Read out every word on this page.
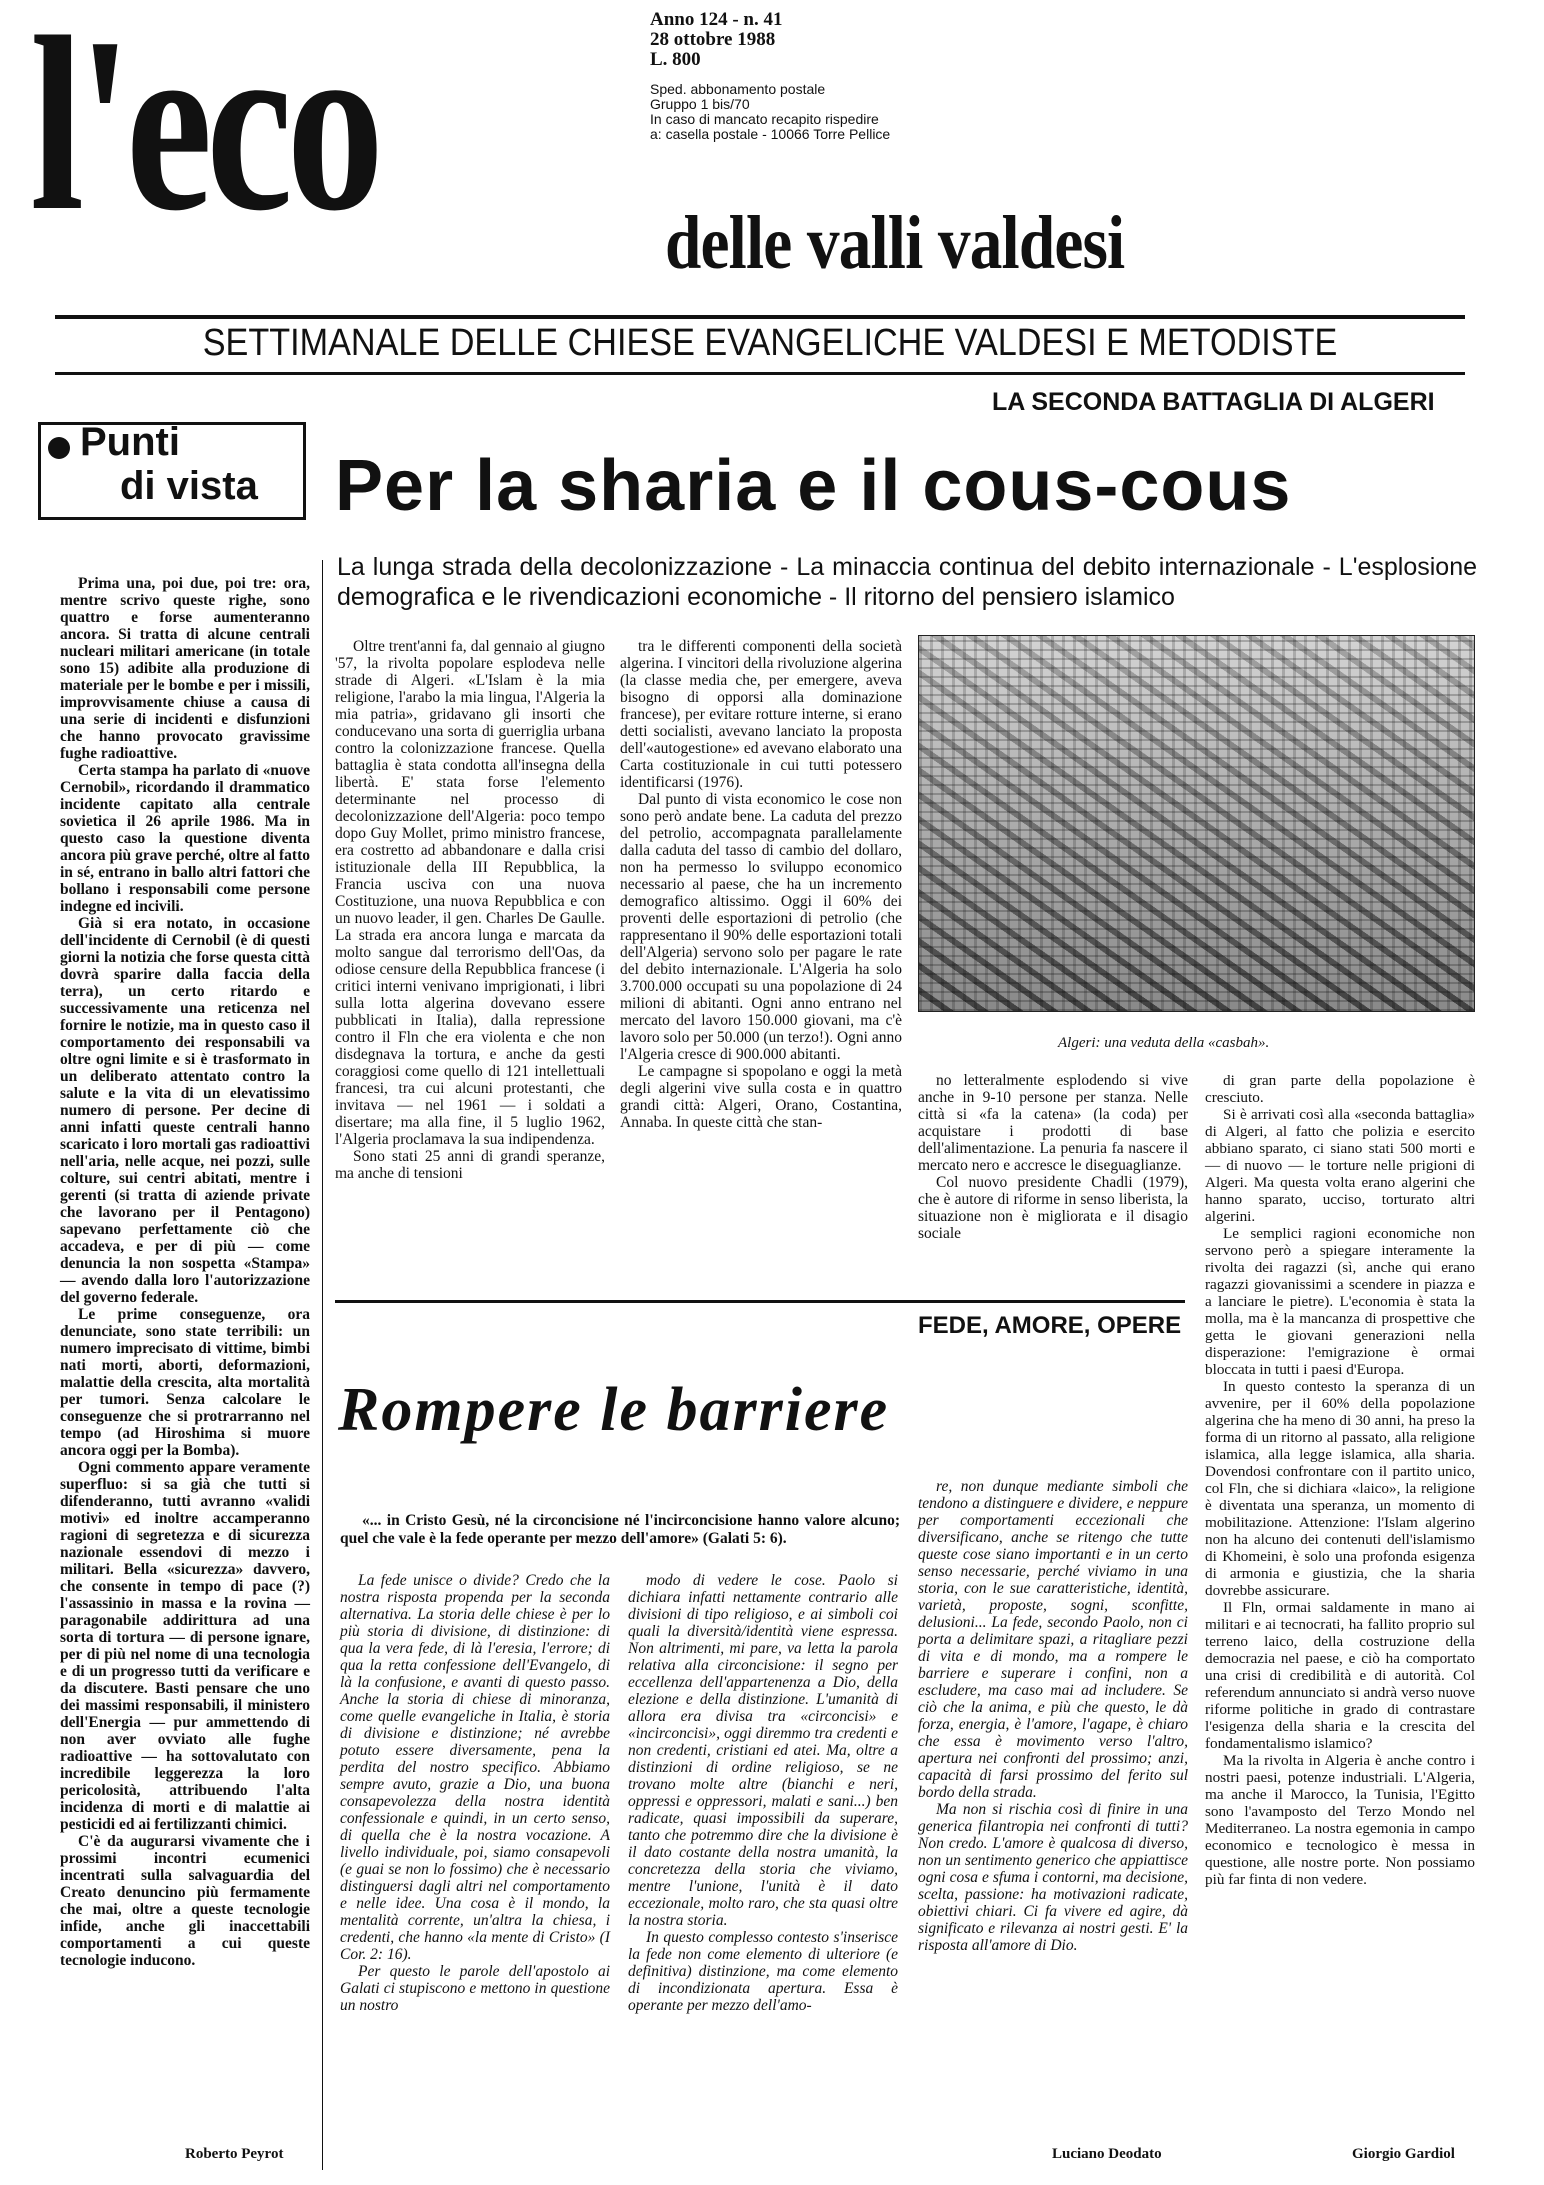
l'eco	Anno 124 - n. 41
28 ottobre 1988
L. 800
Sped. abbonamento postale
Gruppo 1 bis/70
In caso di mancato recapito rispedire
a: casella postale - 10066 Torre Pellice
delle valli valdesi
SETTIMANALE DELLE CHIESE EVANGELICHE VALDESI E METODISTE
Punti
di vista
LA SECONDA BATTAGLIA DI ALGERI
Per la sharia e il cous-cous
La lunga strada della decolonizzazione - La minaccia continua del debito internazionale - L'esplosione demografica e le rivendicazioni economiche - Il ritorno del pensiero islamico

Prima una, poi due, poi tre: ora, mentre scrivo queste righe, sono quattro e forse aumenteranno ancora. Si tratta di alcune centrali nucleari militari americane (in totale sono 15) adibite alla produzione di materiale per le bombe e per i missili, improvvisamente chiuse a causa di una serie di incidenti e disfunzioni che hanno provocato gravissime fughe radioattive.

Certa stampa ha parlato di «nuove Cernobil», ricordando il drammatico incidente capitato alla centrale sovietica il 26 aprile 1986. Ma in questo caso la questione diventa ancora più grave perché, oltre al fatto in sé, entrano in ballo altri fattori che bollano i responsabili come persone indegne ed incivili.

Già si era notato, in occasione dell'incidente di Cernobil (è di questi giorni la notizia che forse questa città dovrà sparire dalla faccia della terra), un certo ritardo e successivamente una reticenza nel fornire le notizie, ma in questo caso il comportamento dei responsabili va oltre ogni limite e si è trasformato in un deliberato attentato contro la salute e la vita di un elevatissimo numero di persone. Per decine di anni infatti queste centrali hanno scaricato i loro mortali gas radioattivi nell'aria, nelle acque, nei pozzi, sulle colture, sui centri abitati, mentre i gerenti (si tratta di aziende private che lavorano per il Pentagono) sapevano perfettamente ciò che accadeva, e per di più — come denuncia la non sospetta «Stampa» — avendo dalla loro l'autorizzazione del governo federale.

Le prime conseguenze, ora denunciate, sono state terribili: un numero imprecisato di vittime, bimbi nati morti, aborti, deformazioni, malattie della crescita, alta mortalità per tumori. Senza calcolare le conseguenze che si protrarranno nel tempo (ad Hiroshima si muore ancora oggi per la Bomba).

Ogni commento appare veramente superfluo: si sa già che tutti si difenderanno, tutti avranno «validi motivi» ed inoltre accamperanno ragioni di segretezza e di sicurezza nazionale essendovi di mezzo i militari. Bella «sicurezza» davvero, che consente in tempo di pace (?) l'assassinio in massa e la rovina — paragonabile addirittura ad una sorta di tortura — di persone ignare, per di più nel nome di una tecnologia e di un progresso tutti da verificare e da discutere. Basti pensare che uno dei massimi responsabili, il ministero dell'Energia — pur ammettendo di non aver ovviato alle fughe radioattive — ha sottovalutato con incredibile leggerezza la loro pericolosità, attribuendo l'alta incidenza di morti e di malattie ai pesticidi ed ai fertilizzanti chimici.

C'è da augurarsi vivamente che i prossimi incontri ecumenici incentrati sulla salvaguardia del Creato denuncino più fermamente che mai, oltre a queste tecnologie infide, anche gli inaccettabili comportamenti a cui queste tecnologie inducono.

Roberto Peyrot

Oltre trent'anni fa, dal gennaio al giugno '57, la rivolta popolare esplodeva nelle strade di Algeri. «L'Islam è la mia religione, l'arabo la mia lingua, l'Algeria la mia patria», gridavano gli insorti che conducevano una sorta di guerriglia urbana contro la colonizzazione francese. Quella battaglia è stata condotta all'insegna della libertà. E' stata forse l'elemento determinante nel processo di decolonizzazione dell'Algeria: poco tempo dopo Guy Mollet, primo ministro francese, era costretto ad abbandonare e dalla crisi istituzionale della III Repubblica, la Francia usciva con una nuova Costituzione, una nuova Repubblica e con un nuovo leader, il gen. Charles De Gaulle. La strada era ancora lunga e marcata da molto sangue dal terrorismo dell'Oas, da odiose censure della Repubblica francese (i critici interni venivano imprigionati, i libri sulla lotta algerina dovevano essere pubblicati in Italia), dalla repressione contro il Fln che era violenta e che non disdegnava la tortura, e anche da gesti coraggiosi come quello di 121 intellettuali francesi, tra cui alcuni protestanti, che invitava — nel 1961 — i soldati a disertare; ma alla fine, il 5 luglio 1962, l'Algeria proclamava la sua indipendenza.

Sono stati 25 anni di grandi speranze, ma anche di tensioni

tra le differenti componenti della società algerina. I vincitori della rivoluzione algerina (la classe media che, per emergere, aveva bisogno di opporsi alla dominazione francese), per evitare rotture interne, si erano detti socialisti, avevano lanciato la proposta dell'«autogestione» ed avevano elaborato una Carta costituzionale in cui tutti potessero identificarsi (1976).

Dal punto di vista economico le cose non sono però andate bene. La caduta del prezzo del petrolio, accompagnata parallelamente dalla caduta del tasso di cambio del dollaro, non ha permesso lo sviluppo economico necessario al paese, che ha un incremento demografico altissimo. Oggi il 60% dei proventi delle esportazioni di petrolio (che rappresentano il 90% delle esportazioni totali dell'Algeria) servono solo per pagare le rate del debito internazionale. L'Algeria ha solo 3.700.000 occupati su una popolazione di 24 milioni di abitanti. Ogni anno entrano nel mercato del lavoro 150.000 giovani, ma c'è lavoro solo per 50.000 (un terzo!). Ogni anno l'Algeria cresce di 900.000 abitanti.

Le campagne si spopolano e oggi la metà degli algerini vive sulla costa e in quattro grandi città: Algeri, Orano, Costantina, Annaba. In queste città che stan-

Algeri: una veduta della «casbah».

no letteralmente esplodendo si vive anche in 9-10 persone per stanza. Nelle città si «fa la catena» (la coda) per acquistare i prodotti di base dell'alimentazione. La penuria fa nascere il mercato nero e accresce le diseguaglianze.

Col nuovo presidente Chadli (1979), che è autore di riforme in senso liberista, la situazione non è migliorata e il disagio sociale

di gran parte della popolazione è cresciuto.

Si è arrivati così alla «seconda battaglia» di Algeri, al fatto che polizia e esercito abbiano sparato, ci siano stati 500 morti e — di nuovo — le torture nelle prigioni di Algeri. Ma questa volta erano algerini che hanno sparato, ucciso, torturato altri algerini.

Le semplici ragioni economiche non servono però a spiegare interamente la rivolta dei ragazzi (sì, anche qui erano ragazzi giovanissimi a scendere in piazza e a lanciare le pietre). L'economia è stata la molla, ma è la mancanza di prospettive che getta le giovani generazioni nella disperazione: l'emigrazione è ormai bloccata in tutti i paesi d'Europa.

In questo contesto la speranza di un avvenire, per il 60% della popolazione algerina che ha meno di 30 anni, ha preso la forma di un ritorno al passato, alla religione islamica, alla legge islamica, alla sharia. Dovendosi confrontare con il partito unico, col Fln, che si dichiara «laico», la religione è diventata una speranza, un momento di mobilitazione. Attenzione: l'Islam algerino non ha alcuno dei contenuti dell'islamismo di Khomeini, è solo una profonda esigenza di armonia e giustizia, che la sharia dovrebbe assicurare.

Il Fln, ormai saldamente in mano ai militari e ai tecnocrati, ha fallito proprio sul terreno laico, della costruzione della democrazia nel paese, e ciò ha comportato una crisi di credibilità e di autorità. Col referendum annunciato si andrà verso nuove riforme politiche in grado di contrastare l'esigenza della sharia e la crescita del fondamentalismo islamico?

Ma la rivolta in Algeria è anche contro i nostri paesi, potenze industriali. L'Algeria, ma anche il Marocco, la Tunisia, l'Egitto sono l'avamposto del Terzo Mondo nel Mediterraneo. La nostra egemonia in campo economico e tecnologico è messa in questione, alle nostre porte. Non possiamo più far finta di non vedere.

Giorgio Gardiol
FEDE, AMORE, OPERE
Rompere le barriere
«... in Cristo Gesù, né la circoncisione né l'incirconcisione hanno valore alcuno; quel che vale è la fede operante per mezzo dell'amore» (Galati 5: 6).

La fede unisce o divide? Credo che la nostra risposta propenda per la seconda alternativa. La storia delle chiese è per lo più storia di divisione, di distinzione: di qua la vera fede, di là l'eresia, l'errore; di qua la retta confessione dell'Evangelo, di là la confusione, e avanti di questo passo. Anche la storia di chiese di minoranza, come quelle evangeliche in Italia, è storia di divisione e distinzione; né avrebbe potuto essere diversamente, pena la perdita del nostro specifico. Abbiamo sempre avuto, grazie a Dio, una buona consapevolezza della nostra identità confessionale e quindi, in un certo senso, di quella che è la nostra vocazione. A livello individuale, poi, siamo consapevoli (e guai se non lo fossimo) che è necessario distinguersi dagli altri nel comportamento e nelle idee. Una cosa è il mondo, la mentalità corrente, un'altra la chiesa, i credenti, che hanno «la mente di Cristo» (I Cor. 2: 16).

Per questo le parole dell'apostolo ai Galati ci stupiscono e mettono in questione un nostro

modo di vedere le cose. Paolo si dichiara infatti nettamente contrario alle divisioni di tipo religioso, e ai simboli coi quali la diversità/identità viene espressa. Non altrimenti, mi pare, va letta la parola relativa alla circoncisione: il segno per eccellenza dell'appartenenza a Dio, della elezione e della distinzione. L'umanità di allora era divisa tra «circoncisi» e «incirconcisi», oggi diremmo tra credenti e non credenti, cristiani ed atei. Ma, oltre a distinzioni di ordine religioso, se ne trovano molte altre (bianchi e neri, oppressi e oppressori, malati e sani...) ben radicate, quasi impossibili da superare, tanto che potremmo dire che la divisione è il dato costante della nostra umanità, la concretezza della storia che viviamo, mentre l'unione, l'unità è il dato eccezionale, molto raro, che sta quasi oltre la nostra storia.

In questo complesso contesto s'inserisce la fede non come elemento di ulteriore (e definitiva) distinzione, ma come elemento di incondizionata apertura. Essa è operante per mezzo dell'amo-

re, non dunque mediante simboli che tendono a distinguere e dividere, e neppure per comportamenti eccezionali che diversificano, anche se ritengo che tutte queste cose siano importanti e in un certo senso necessarie, perché viviamo in una storia, con le sue caratteristiche, identità, varietà, proposte, sogni, sconfitte, delusioni... La fede, secondo Paolo, non ci porta a delimitare spazi, a ritagliare pezzi di vita e di mondo, ma a rompere le barriere e superare i confini, non a escludere, ma caso mai ad includere. Se ciò che la anima, e più che questo, le dà forza, energia, è l'amore, l'agape, è chiaro che essa è movimento verso l'altro, apertura nei confronti del prossimo; anzi, capacità di farsi prossimo del ferito sul bordo della strada.

Ma non si rischia così di finire in una generica filantropia nei confronti di tutti? Non credo. L'amore è qualcosa di diverso, non un sentimento generico che appiattisce ogni cosa e sfuma i contorni, ma decisione, scelta, passione: ha motivazioni radicate, obiettivi chiari. Ci fa vivere ed agire, dà significato e rilevanza ai nostri gesti. E' la risposta all'amore di Dio.

Luciano Deodato
